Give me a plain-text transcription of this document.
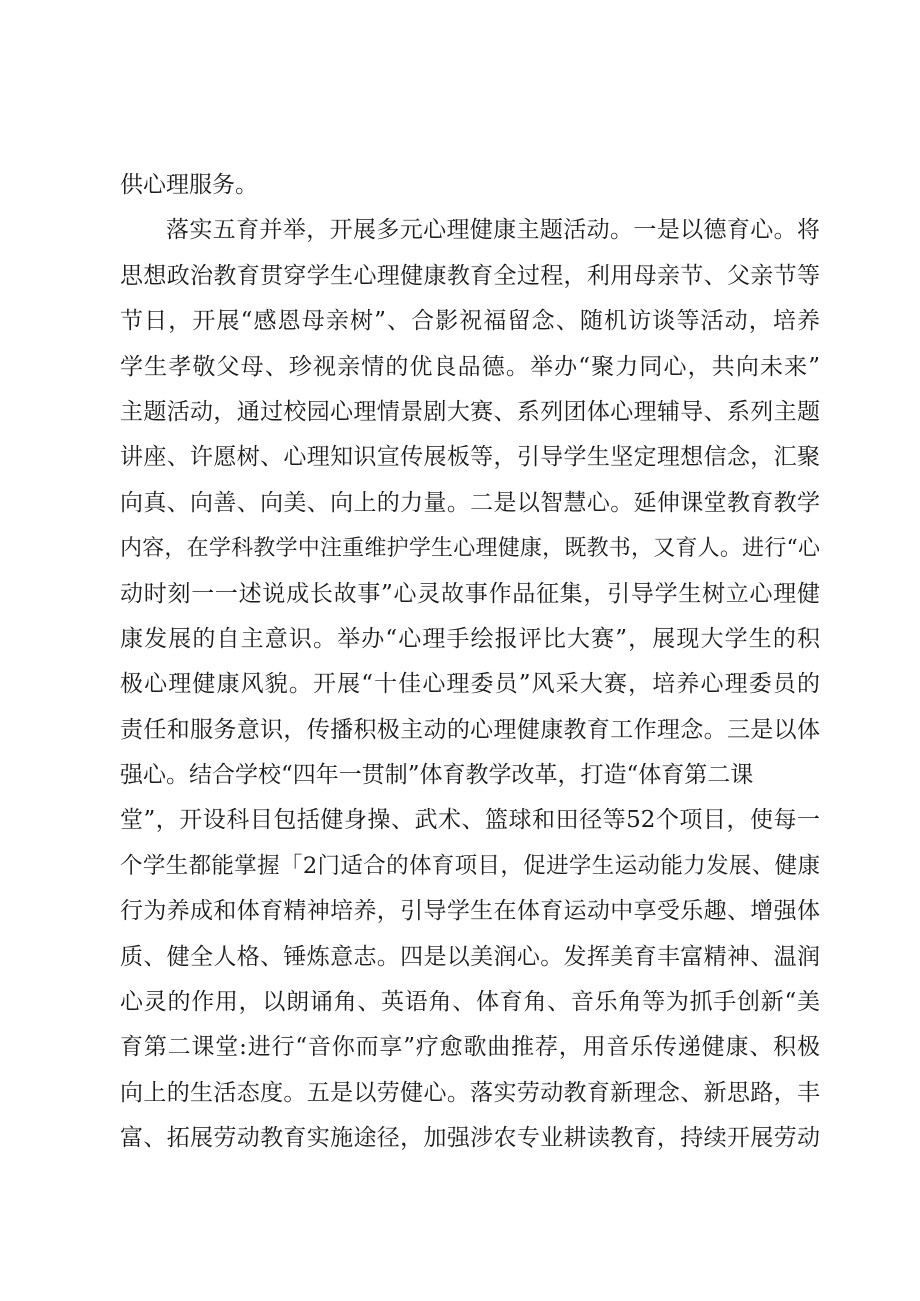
供心理服务。
落实五育并举，开展多元心理健康主题活动。一是以德育心。将
思想政治教育贯穿学生心理健康教育全过程，利用母亲节、父亲节等
节日，开展“感恩母亲树”、合影祝福留念、随机访谈等活动，培养
学生孝敬父母、珍视亲情的优良品德。举办“聚力同心，共向未来”
主题活动，通过校园心理情景剧大赛、系列团体心理辅导、系列主题
讲座、许愿树、心理知识宣传展板等，引导学生坚定理想信念，汇聚
向真、向善、向美、向上的力量。二是以智慧心。延伸课堂教育教学
内容，在学科教学中注重维护学生心理健康，既教书，又育人。进行“心
动时刻一一述说成长故事”心灵故事作品征集，引导学生树立心理健
康发展的自主意识。举办“心理手绘报评比大赛”，展现大学生的积
极心理健康风貌。开展“十佳心理委员”风采大赛，培养心理委员的
责任和服务意识，传播积极主动的心理健康教育工作理念。三是以体
强心。结合学校“四年一贯制”体育教学改革，打造“体育第二课
堂”，开设科目包括健身操、武术、篮球和田径等52个项目，使每一
个学生都能掌握「2门适合的体育项目，促进学生运动能力发展、健康
行为养成和体育精神培养，引导学生在体育运动中享受乐趣、增强体
质、健全人格、锤炼意志。四是以美润心。发挥美育丰富精神、温润
心灵的作用，以朗诵角、英语角、体育角、音乐角等为抓手创新“美
育第二课堂:进行“音你而享”疗愈歌曲推荐，用音乐传递健康、积极
向上的生活态度。五是以劳健心。落实劳动教育新理念、新思路，丰
富、拓展劳动教育实施途径，加强涉农专业耕读教育，持续开展劳动
